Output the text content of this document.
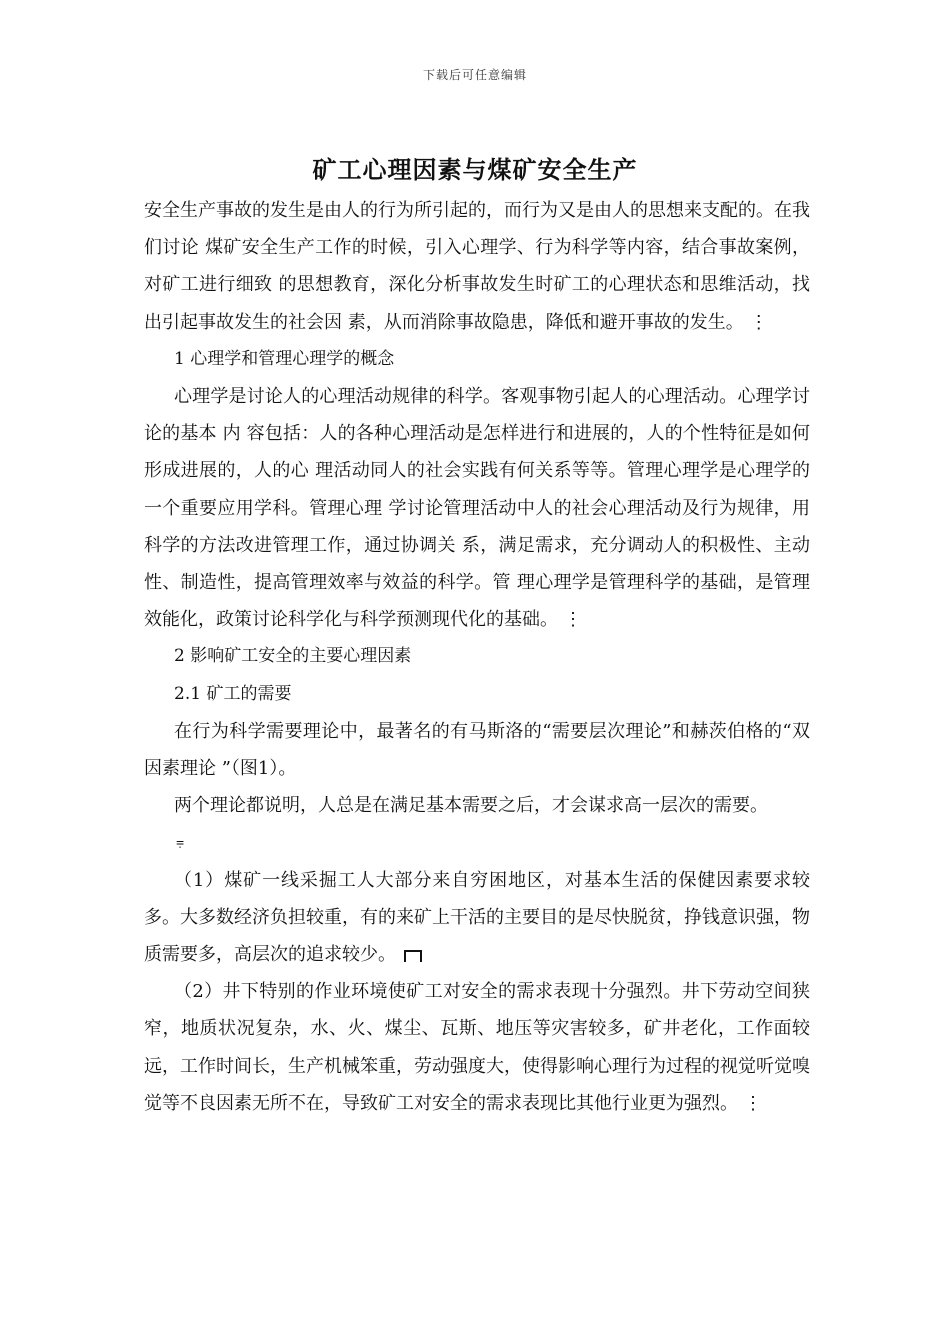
下载后可任意编辑
矿工心理因素与煤矿安全生产

安全生产事故的发生是由人的行为所引起的，而行为又是由人的思想来支配的。在我们讨论 煤矿安全生产工作的时候，引入心理学、行为科学等内容，结合事故案例，对矿工进行细致 的思想教育，深化分析事故发生时矿工的心理状态和思维活动，找出引起事故发生的社会因 素，从而消除事故隐患，降低和避开事故的发生。 ⋮

1 心理学和管理心理学的概念

心理学是讨论人的心理活动规律的科学。客观事物引起人的心理活动。心理学讨论的基本 内 容包括：人的各种心理活动是怎样进行和进展的，人的个性特征是如何形成进展的，人的心 理活动同人的社会实践有何关系等等。管理心理学是心理学的一个重要应用学科。管理心理 学讨论管理活动中人的社会心理活动及行为规律，用科学的方法改进管理工作，通过协调关 系，满足需求，充分调动人的积极性、主动性、制造性，提高管理效率与效益的科学。管 理心理学是管理科学的基础，是管理效能化，政策讨论科学化与科学预测现代化的基础。 ⋮

2 影响矿工安全的主要心理因素

2.1 矿工的需要

在行为科学需要理论中，最著名的有马斯洛的“需要层次理论”和赫茨伯格的“双因素理论 ”（图1）。

两个理论都说明，人总是在满足基本需要之后，才会谋求高一层次的需要。

⩦

（1）煤矿一线采掘工人大部分来自穷困地区，对基本生活的保健因素要求较多。大多数经济负担较重，有的来矿上干活的主要目的是尽快脱贫，挣钱意识强，物质需要多，高层次的追求较少。

（2）井下特别的作业环境使矿工对安全的需求表现十分强烈。井下劳动空间狭窄，地质状况复杂，水、火、煤尘、瓦斯、地压等灾害较多，矿井老化，工作面较远，工作时间长，生产机械笨重，劳动强度大，使得影响心理行为过程的视觉听觉嗅觉等不良因素无所不在，导致矿工对安全的需求表现比其他行业更为强烈。 ⋮
